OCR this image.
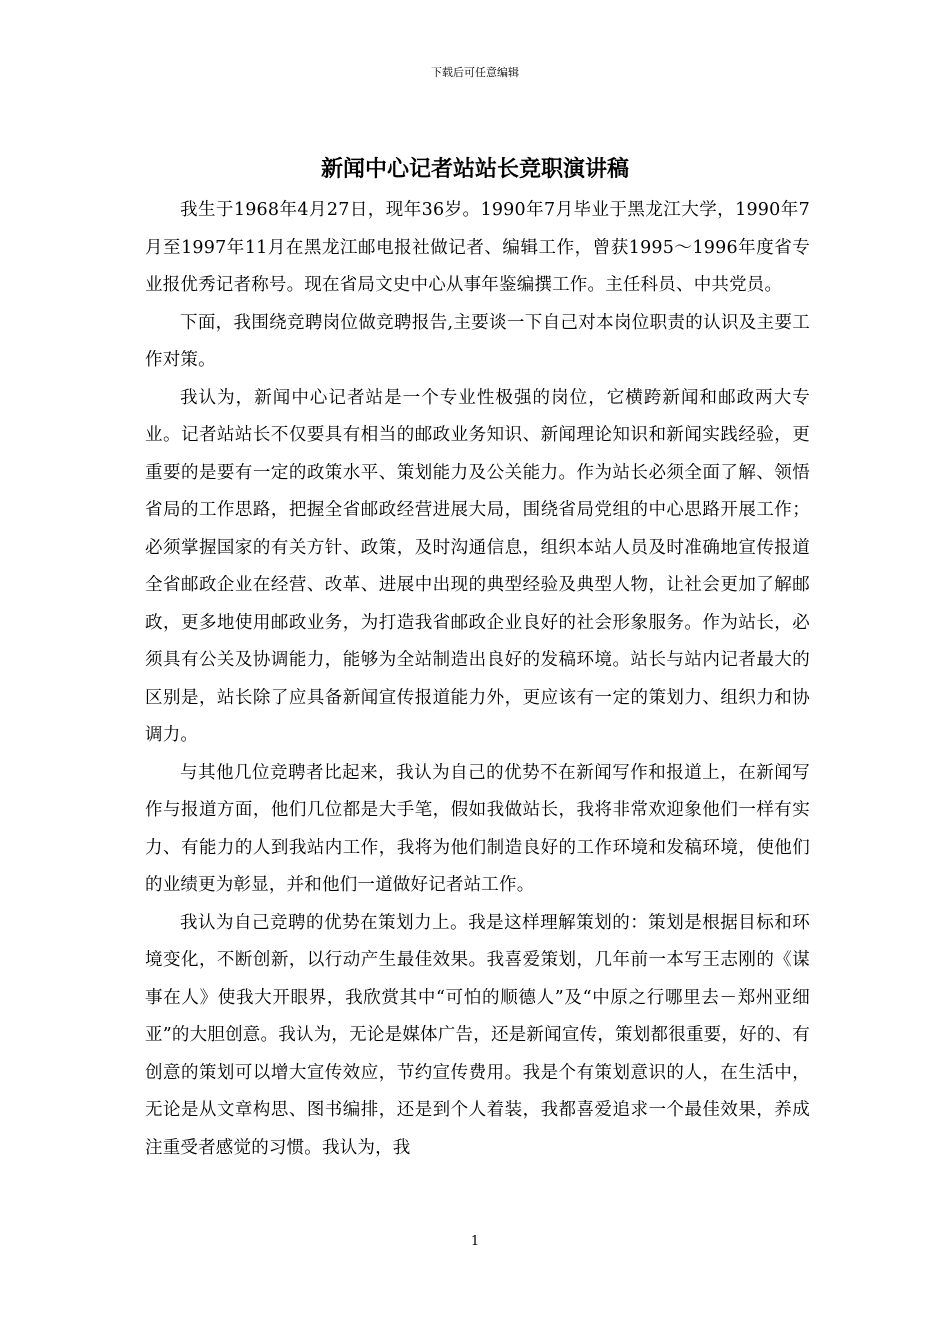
下载后可任意编辑
新闻中心记者站站长竞职演讲稿

我生于1968年4月27日，现年36岁。1990年7月毕业于黑龙江大学，1990年7月至1997年11月在黑龙江邮电报社做记者、编辑工作，曾获1995～1996年度省专业报优秀记者称号。现在省局文史中心从事年鉴编撰工作。主任科员、中共党员。

下面，我围绕竞聘岗位做竞聘报告,主要谈一下自己对本岗位职责的认识及主要工作对策。

我认为，新闻中心记者站是一个专业性极强的岗位，它横跨新闻和邮政两大专业。记者站站长不仅要具有相当的邮政业务知识、新闻理论知识和新闻实践经验，更重要的是要有一定的政策水平、策划能力及公关能力。作为站长必须全面了解、领悟省局的工作思路，把握全省邮政经营进展大局，围绕省局党组的中心思路开展工作；必须掌握国家的有关方针、政策，及时沟通信息，组织本站人员及时准确地宣传报道全省邮政企业在经营、改革、进展中出现的典型经验及典型人物，让社会更加了解邮政，更多地使用邮政业务，为打造我省邮政企业良好的社会形象服务。作为站长，必须具有公关及协调能力，能够为全站制造出良好的发稿环境。站长与站内记者最大的区别是，站长除了应具备新闻宣传报道能力外，更应该有一定的策划力、组织力和协调力。

与其他几位竞聘者比起来，我认为自己的优势不在新闻写作和报道上，在新闻写作与报道方面，他们几位都是大手笔，假如我做站长，我将非常欢迎象他们一样有实力、有能力的人到我站内工作，我将为他们制造良好的工作环境和发稿环境，使他们的业绩更为彰显，并和他们一道做好记者站工作。

我认为自己竞聘的优势在策划力上。我是这样理解策划的：策划是根据目标和环境变化，不断创新，以行动产生最佳效果。我喜爱策划，几年前一本写王志刚的《谋事在人》使我大开眼界，我欣赏其中“可怕的顺德人”及“中原之行哪里去－郑州亚细亚”的大胆创意。我认为，无论是媒体广告，还是新闻宣传，策划都很重要，好的、有创意的策划可以增大宣传效应，节约宣传费用。我是个有策划意识的人，在生活中，无论是从文章构思、图书编排，还是到个人着装，我都喜爱追求一个最佳效果，养成注重受者感觉的习惯。我认为，我

1
